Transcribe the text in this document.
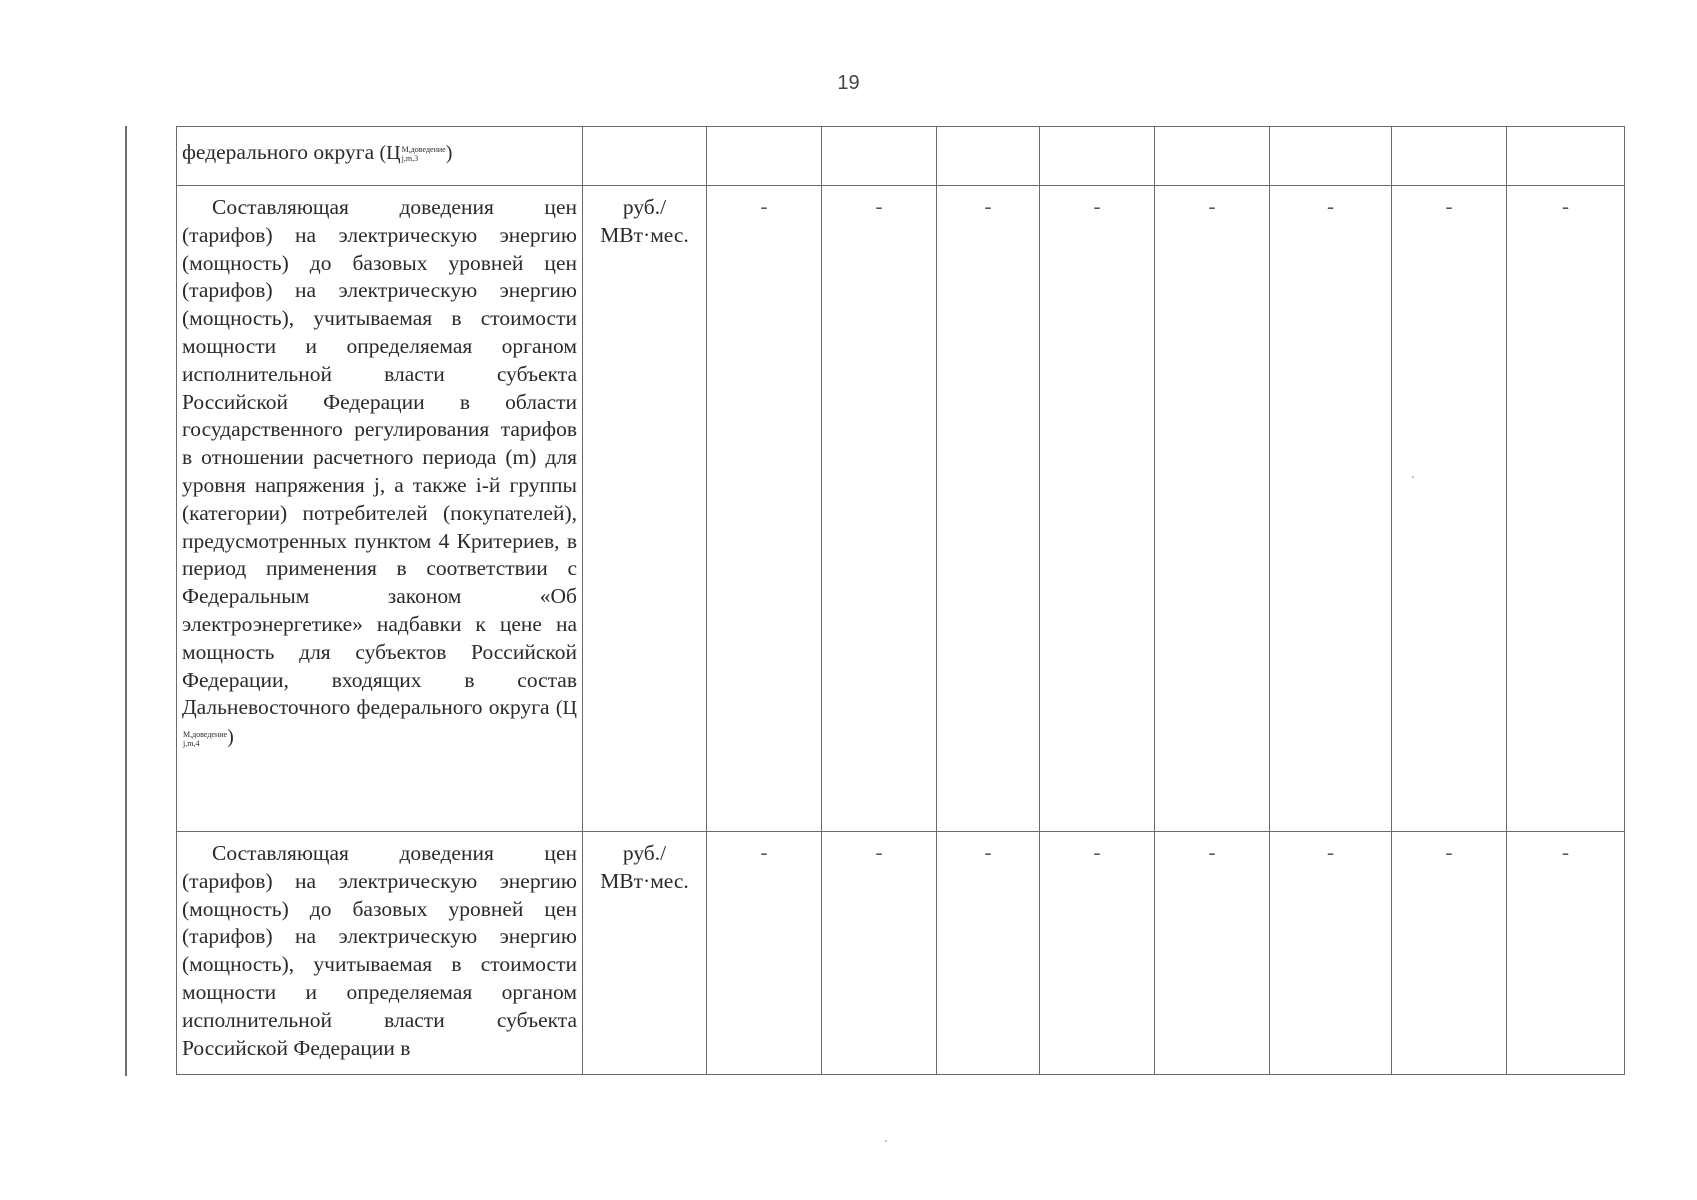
19
федерального округа (Ц М,доведение
j,m,3 )									
Составляющая доведения цен (тарифов) на электрическую энергию (мощность) до базовых уровней цен (тарифов) на электрическую энергию (мощность), учитываемая в стоимости мощности и определяемая органом исполнительной власти субъекта Российской Федерации в области государственного регулирования тарифов в отношении расчетного периода (m) для уровня напряжения j, а также i-й группы (категории) потребителей (покупателей), предусмотренных пунктом 4 Критериев, в период применения в соответствии с Федеральным законом «Об электроэнергетике» надбавки к цене на мощность для субъектов Российской Федерации, входящих в состав Дальневосточного федерального округа (Ц
М,доведение
j,m,4 )	руб./ МВт·мес.	-	-	-	-	-	-	-	-
Составляющая доведения цен (тарифов) на электрическую энергию (мощность) до базовых уровней цен (тарифов) на электрическую энергию (мощность), учитываемая в стоимости мощности и определяемая органом исполнительной власти субъекта Российской Федерации в	руб./ МВт·мес.	-	-	-	-	-	-	-	-
